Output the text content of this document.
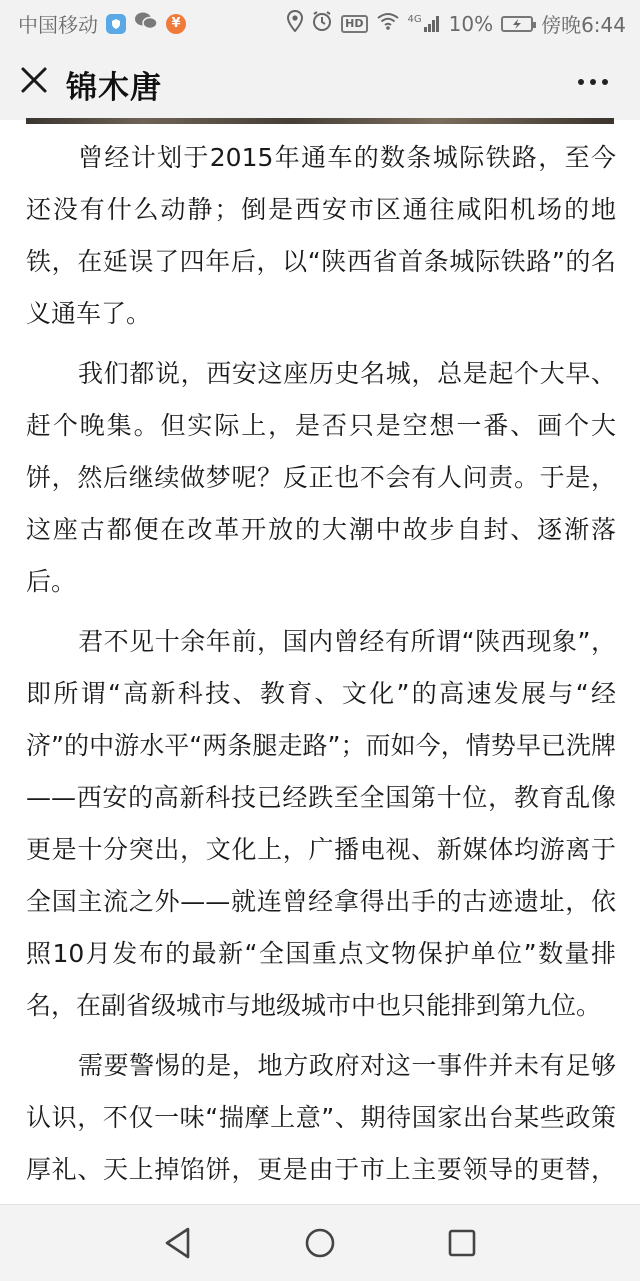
中国移动	¥	HD	4G 10% 傍晚6:44
锦木唐

曾经计划于2015年通车的数条城际铁路，至今还没有什么动静；倒是西安市区通往咸阳机场的地铁，在延误了四年后，以“陕西省首条城际铁路”的名义通车了。

我们都说，西安这座历史名城，总是起个大早、赶个晚集。但实际上，是否只是空想一番、画个大饼，然后继续做梦呢？反正也不会有人问责。于是，这座古都便在改革开放的大潮中故步自封、逐渐落后。

君不见十余年前，国内曾经有所谓“陕西现象”，即所谓“高新科技、教育、文化”的高速发展与“经济”的中游水平“两条腿走路”；而如今，情势早已洗牌——西安的高新科技已经跌至全国第十位，教育乱像更是十分突出，文化上，广播电视、新媒体均游离于全国主流之外——就连曾经拿得出手的古迹遗址，依照10月发布的最新“全国重点文物保护单位”数量排名，在副省级城市与地级城市中也只能排到第九位。

需要警惕的是，地方政府对这一事件并未有足够认识，不仅一味“揣摩上意”、期待国家出台某些政策厚礼、天上掉馅饼，更是由于市上主要领导的更替，
